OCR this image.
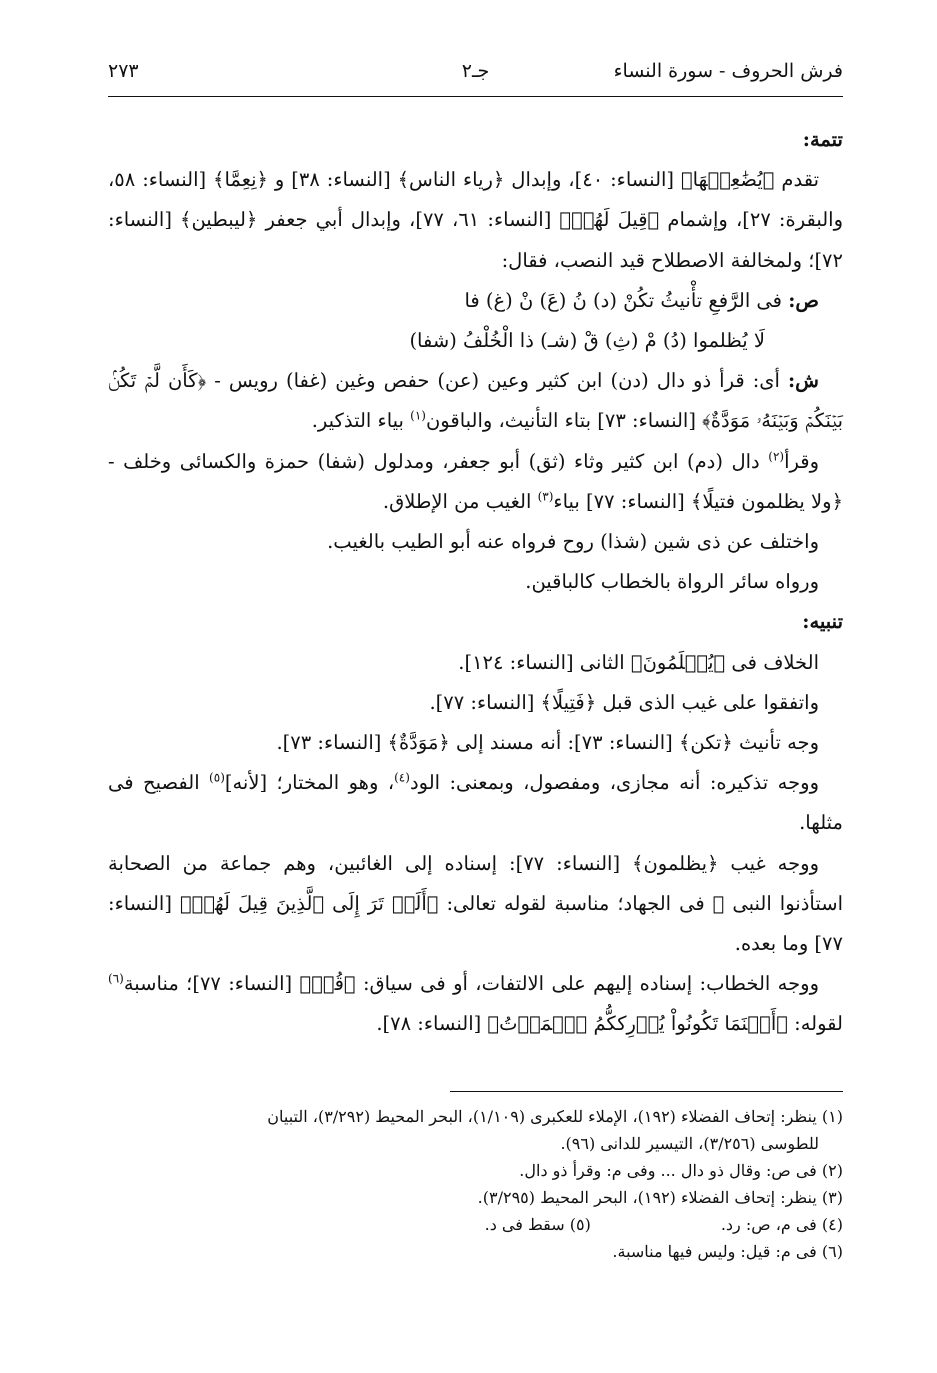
فرش الحروف - سورة النساء
جـ٢
٢٧٣

تتمة:

تقدم ﴿يُضَٰعِفۡهَا﴾ [النساء: ٤٠]، وإبدال ﴿رياء الناس﴾ [النساء: ٣٨] و ﴿نِعِمَّا﴾ [النساء: ٥٨، والبقرة: ٢٧]، وإشمام ﴿قِيلَ لَهُمۡ﴾ [النساء: ٦١، ٧٧]، وإبدال أبي جعفر ﴿ليبطين﴾ [النساء: ٧٢]؛ ولمخالفة الاصطلاح قيد النصب، فقال:

ص: فى الرَّفعِ تأْنيثُ تكُنْ (د) نُ (عَ) نْ (غ) فا

لَا يُظلموا (دُ) مْ (ثِ) قْ (شـ) ذا الْخُلْفُ (شفا)

ش: أى: قرأ ذو دال (دن) ابن كثير وعين (عن) حفص وغين (غفا) رويس - ﴿كَأَن لَّمۡ تَكُنۢ بَيۡنَكُمۡ وَبَيۡنَهُۥ مَوَدَّةٌ﴾ [النساء: ٧٣] بتاء التأنيث، والباقون$^{(١)}$ بياء التذكير.

وقرأ$^{(٢)}$ دال (دم) ابن كثير وثاء (ثق) أبو جعفر، ومدلول (شفا) حمزة والكسائى وخلف - ﴿ولا يظلمون فتيلًا﴾ [النساء: ٧٧] بياء$^{(٣)}$ الغيب من الإطلاق.

واختلف عن ذى شين (شذا) روح فرواه عنه أبو الطيب بالغيب.

ورواه سائر الرواة بالخطاب كالباقين.

تنبيه:

الخلاف فى ﴿يُظۡلَمُونَ﴾ الثانى [النساء: ١٢٤].

واتفقوا على غيب الذى قبل ﴿فَتِيلًا﴾ [النساء: ٧٧].

وجه تأنيث ﴿تكن﴾ [النساء: ٧٣]: أنه مسند إلى ﴿مَوَدَّةٌ﴾ [النساء: ٧٣].

ووجه تذكيره: أنه مجازى، ومفصول، وبمعنى: الود$^{(٤)}$، وهو المختار؛ [لأنه]$^{(٥)}$ الفصيح فى مثلها.

ووجه غيب ﴿يظلمون﴾ [النساء: ٧٧]: إسناده إلى الغائبين، وهم جماعة من الصحابة استأذنوا النبى ﷺ فى الجهاد؛ مناسبة لقوله تعالى: ﴿أَلَمۡ تَرَ إِلَى ٱلَّذِينَ قِيلَ لَهُمۡ﴾ [النساء: ٧٧] وما بعده.

ووجه الخطاب: إسناده إليهم على الالتفات، أو فى سياق: ﴿قُلۡ﴾ [النساء: ٧٧]؛ مناسبة$^{(٦)}$ لقوله: ﴿أَيۡنَمَا تَكُونُواْ يُدۡرِككُّمُ ٱلۡمَوۡتُ﴾ [النساء: ٧٨].

(١) ينظر: إتحاف الفضلاء (١٩٢)، الإملاء للعكبرى (١/١٠٩)، البحر المحيط (٣/٢٩٢)، التبيان

للطوسى (٣/٢٥٦)، التيسير للدانى (٩٦).

(٢) فى ص: وقال ذو دال ... وفى م: وقرأ ذو دال.

(٣) ينظر: إتحاف الفضلاء (١٩٢)، البحر المحيط (٣/٢٩٥).

(٤) فى م، ص: رد.(٥) سقط فى د.

(٦) فى م: قيل: وليس فيها مناسبة.
